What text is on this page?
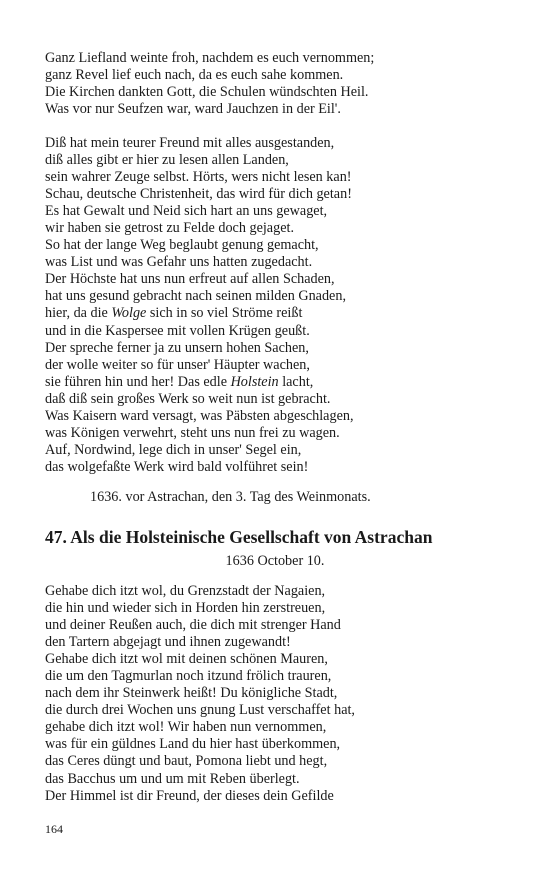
Ganz Liefland weinte froh, nachdem es euch vernommen;
ganz Revel lief euch nach, da es euch sahe kommen.
Die Kirchen dankten Gott, die Schulen wündschten Heil.
Was vor nur Seufzen war, ward Jauchzen in der Eil'.
Diß hat mein teurer Freund mit alles ausgestanden,
diß alles gibt er hier zu lesen allen Landen,
sein wahrer Zeuge selbst. Hörts, wers nicht lesen kan!
Schau, deutsche Christenheit, das wird für dich getan!
Es hat Gewalt und Neid sich hart an uns gewaget,
wir haben sie getrost zu Felde doch gejaget.
So hat der lange Weg beglaubt genung gemacht,
was List und was Gefahr uns hatten zugedacht.
Der Höchste hat uns nun erfreut auf allen Schaden,
hat uns gesund gebracht nach seinen milden Gnaden,
hier, da die Wolge sich in so viel Ströme reißt
und in die Kaspersee mit vollen Krügen geußt.
Der spreche ferner ja zu unsern hohen Sachen,
der wolle weiter so für unser' Häupter wachen,
sie führen hin und her! Das edle Holstein lacht,
daß diß sein großes Werk so weit nun ist gebracht.
Was Kaisern ward versagt, was Päbsten abgeschlagen,
was Königen verwehrt, steht uns nun frei zu wagen.
Auf, Nordwind, lege dich in unser' Segel ein,
das wolgefaßte Werk wird bald volführet sein!
1636. vor Astrachan, den 3. Tag des Weinmonats.
47. Als die Holsteinische Gesellschaft von Astrachan
1636 October 10.
Gehabe dich itzt wol, du Grenzstadt der Nagaien,
die hin und wieder sich in Horden hin zerstreuen,
und deiner Reußen auch, die dich mit strenger Hand
den Tartern abgejagt und ihnen zugewandt!
Gehabe dich itzt wol mit deinen schönen Mauren,
die um den Tagmurlan noch itzund frölich trauren,
nach dem ihr Steinwerk heißt! Du königliche Stadt,
die durch drei Wochen uns gnung Lust verschaffet hat,
gehabe dich itzt wol! Wir haben nun vernommen,
was für ein güldnes Land du hier hast überkommen,
das Ceres düngt und baut, Pomona liebt und hegt,
das Bacchus um und um mit Reben überlegt.
Der Himmel ist dir Freund, der dieses dein Gefilde
164
